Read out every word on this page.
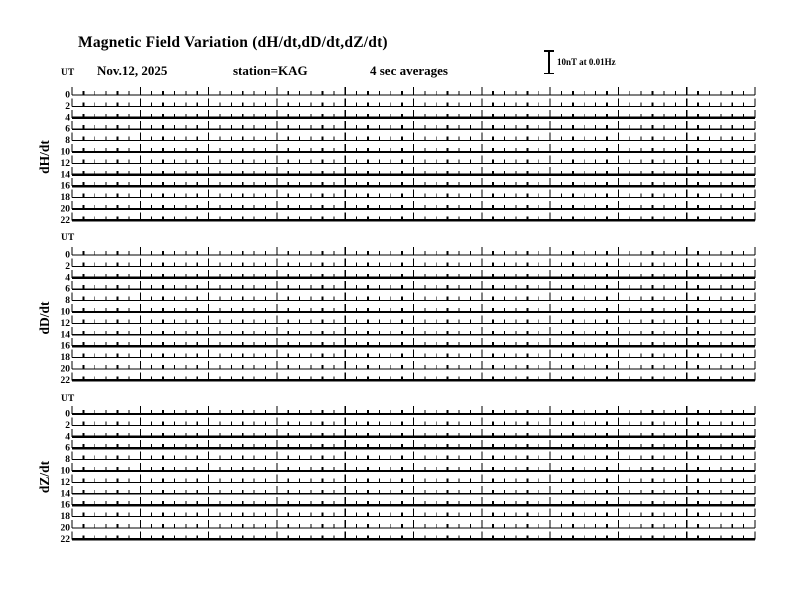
Magnetic Field Variation (dH/dt,dD/dt,dZ/dt)
Nov.12, 2025	station=KAG	4 sec averages
10nT at 0.01Hz
UT
UT
UT
dH/dt
dD/dt
dZ/dt
0
2
4
6
8
10
12
14
16
18
20
22
0
2
4
6
8
10
12
14
16
18
20
22
0
2
4
6
8
10
12
14
16
18
20
22
